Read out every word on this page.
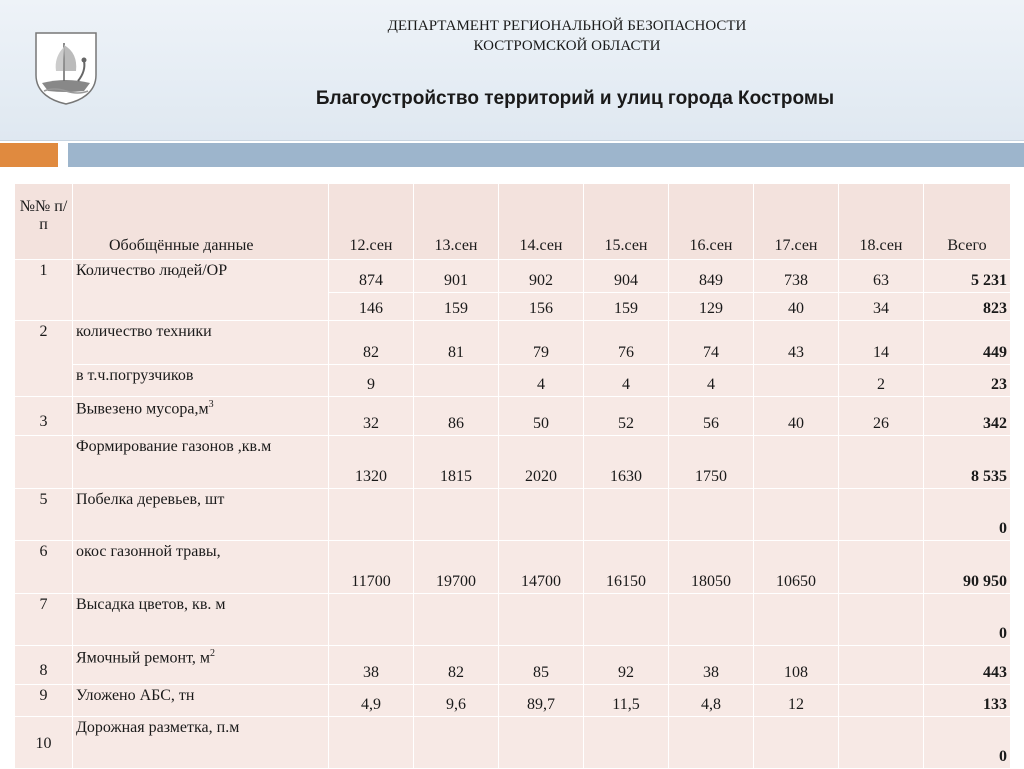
ДЕПАРТАМЕНТ РЕГИОНАЛЬНОЙ БЕЗОПАСНОСТИ
КОСТРОМСКОЙ ОБЛАСТИ
Благоустройство территорий и улиц города Костромы
№№ п/п	Обобщённые данные	12.сен	13.сен	14.сен	15.сен	16.сен	17.сен	18.сен	Всего
1	Количество людей/ОР	874	901	902	904	849	738	63	5 231
		146	159	156	159	129	40	34	823
2	количество техники	82	81	79	76	74	43	14	449
	в т.ч.погрузчиков	9		4	4	4		2	23
3	Вывезено $мусора,м^3$	32	86	50	52	56	40	26	342
	Формирование газонов ,кв.м	1320	1815	2020	1630	1750			8 535
5	Побелка деревьев, шт								0
6	окос газонной травы,	11700	19700	14700	16150	18050	10650		90 950
7	Высадка цветов, кв. м								0
8	Ямочный ремонт, $м^2$	38	82	85	92	38	108		443
9	Уложено АБС, тн	4,9	9,6	89,7	11,5	4,8	12		133
10	Дорожная разметка, п.м								0
